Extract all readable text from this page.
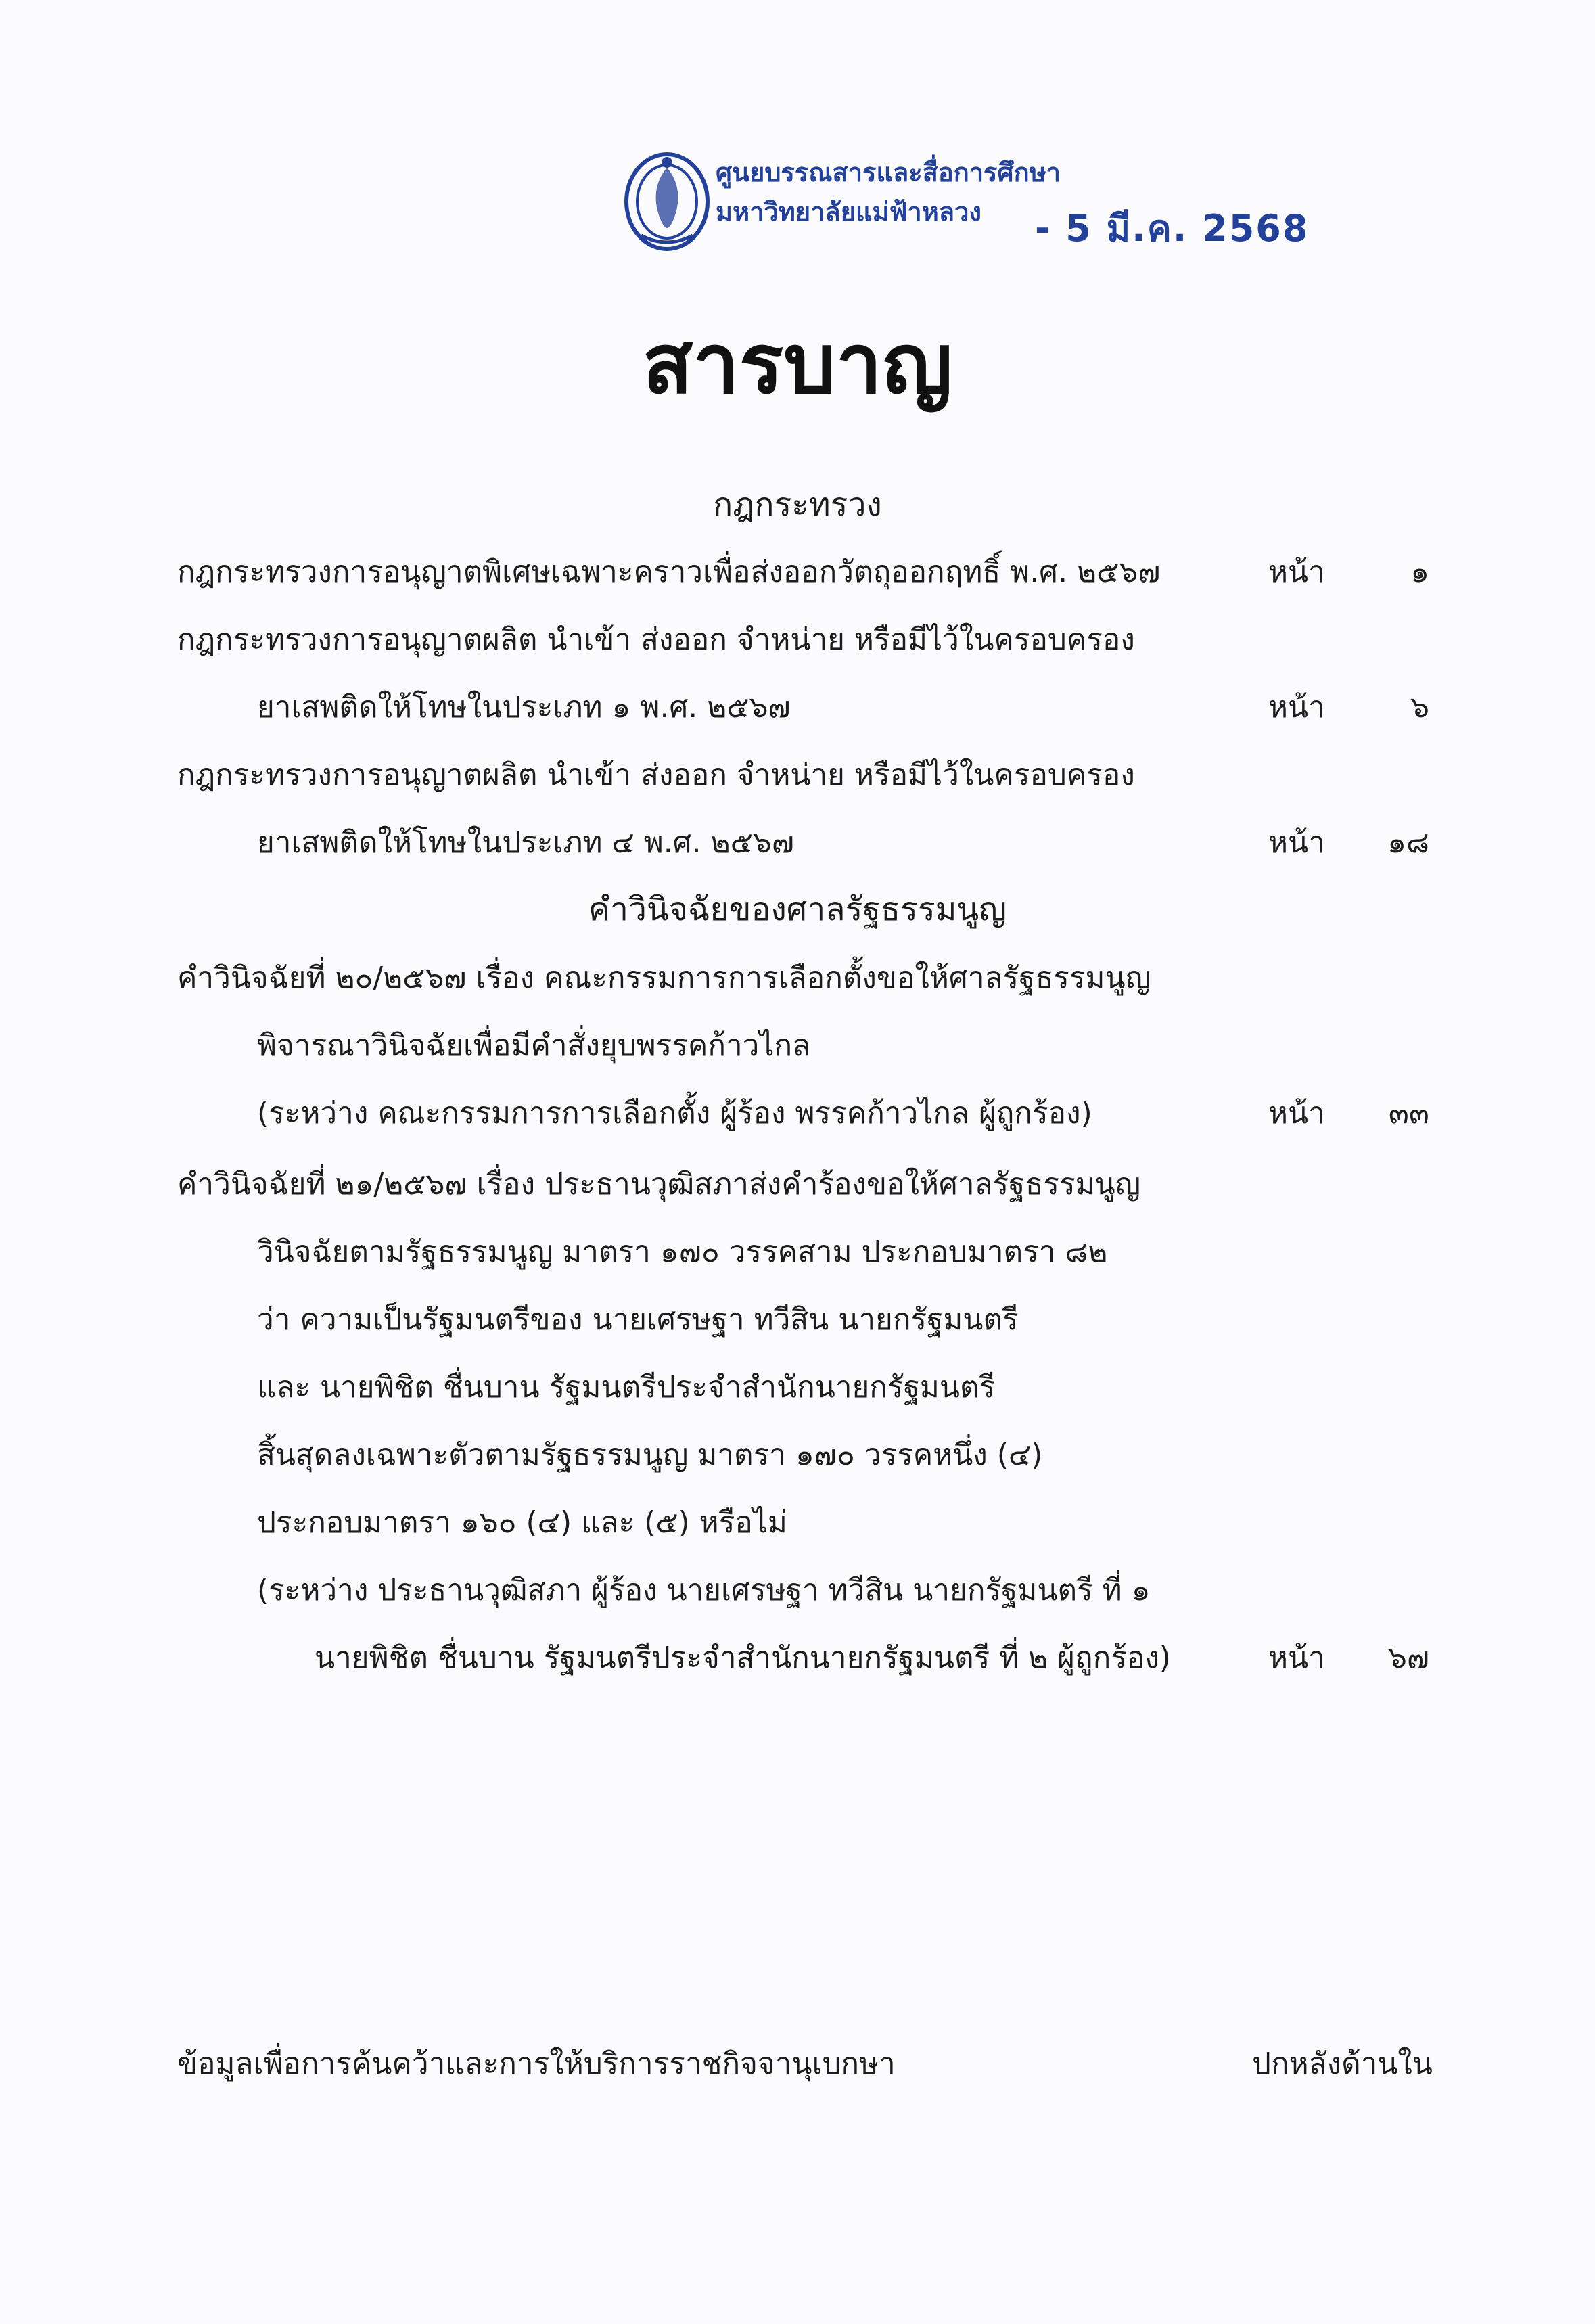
ศูนยบรรณสารและสื่อการศึกษา
มหาวิทยาลัยแม่ฟ้าหลวง - 5 มี.ค. 2568
สารบาญ
กฎกระทรวง
กฎกระทรวงการอนุญาตพิเศษเฉพาะคราวเพื่อส่งออกวัตถุออกฤทธิ์ พ.ศ. ๒๕๖๗	หน้า	๑
กฎกระทรวงการอนุญาตผลิต นำเข้า ส่งออก จำหน่าย หรือมีไว้ในครอบครอง
ยาเสพติดให้โทษในประเภท ๑ พ.ศ. ๒๕๖๗	หน้า	๖
กฎกระทรวงการอนุญาตผลิต นำเข้า ส่งออก จำหน่าย หรือมีไว้ในครอบครอง
ยาเสพติดให้โทษในประเภท ๔ พ.ศ. ๒๕๖๗	หน้า ๑๘
คำวินิจฉัยของศาลรัฐธรรมนูญ
คำวินิจฉัยที่ ๒๐/๒๕๖๗ เรื่อง คณะกรรมการการเลือกตั้งขอให้ศาลรัฐธรรมนูญ
พิจารณาวินิจฉัยเพื่อมีคำสั่งยุบพรรคก้าวไกล
(ระหว่าง คณะกรรมการการเลือกตั้ง ผู้ร้อง พรรคก้าวไกล ผู้ถูกร้อง)	หน้า ๓๓
คำวินิจฉัยที่ ๒๑/๒๕๖๗ เรื่อง ประธานวุฒิสภาส่งคำร้องขอให้ศาลรัฐธรรมนูญ
วินิจฉัยตามรัฐธรรมนูญ มาตรา ๑๗๐ วรรคสาม ประกอบมาตรา ๘๒
ว่า ความเป็นรัฐมนตรีของ นายเศรษฐา ทวีสิน นายกรัฐมนตรี
และ นายพิชิต ชื่นบาน รัฐมนตรีประจำสำนักนายกรัฐมนตรี
สิ้นสุดลงเฉพาะตัวตามรัฐธรรมนูญ มาตรา ๑๗๐ วรรคหนึ่ง (๔)
ประกอบมาตรา ๑๖๐ (๔) และ (๕) หรือไม่
(ระหว่าง ประธานวุฒิสภา ผู้ร้อง นายเศรษฐา ทวีสิน นายกรัฐมนตรี ที่ ๑
นายพิชิต ชื่นบาน รัฐมนตรีประจำสำนักนายกรัฐมนตรี ที่ ๒ ผู้ถูกร้อง)	หน้า ๖๗
ข้อมูลเพื่อการค้นคว้าและการให้บริการราชกิจจานุเบกษา	ปกหลังด้านใน
